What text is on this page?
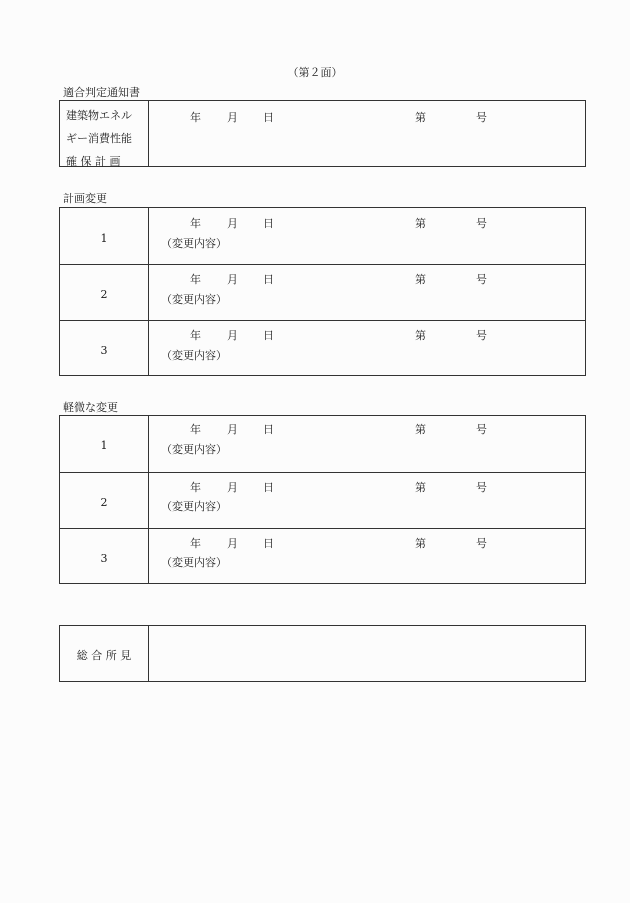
（第２面）
適合判定通知書
建築物エネル
ギー消費性能
確 保 計 画
年 月 日	第	号
計画変更
1
年 月 日	第	号
（変更内容）
2
年 月 日	第	号
（変更内容）
3
年 月 日	第	号
（変更内容）
軽微な変更
1
年 月 日	第	号
（変更内容）
2
年 月 日	第	号
（変更内容）
3
年 月 日	第	号
（変更内容）
総 合 所 見
